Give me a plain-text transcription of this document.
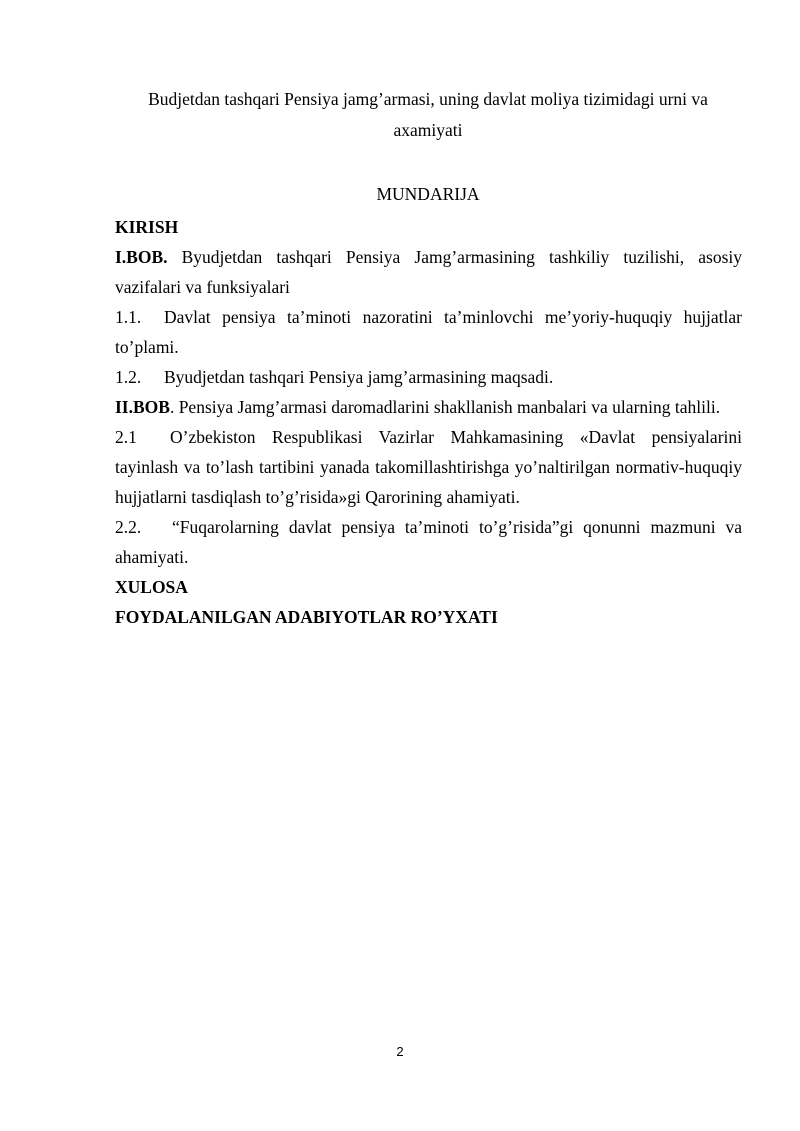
Budjetdan tashqari Pensiya jamg’armasi, uning davlat moliya tizimidagi urni va
axamiyati
MUNDARIJA

KIRISH

I.BOB. Byudjetdan tashqari Pensiya Jamg’armasining tashkiliy tuzilishi, asosiy vazifalari va funksiyalari

1.1. Davlat pensiya ta’minoti nazoratini ta’minlovchi me’yoriy-huquqiy hujjatlar to’plami.

1.2. Byudjetdan tashqari Pensiya jamg’armasining maqsadi.

II.BOB. Pensiya Jamg’armasi daromadlarini shakllanish manbalari va ularning tahlili.

2.1 O’zbekiston Respublikasi Vazirlar Mahkamasining «Davlat pensiyalarini tayinlash va to’lash tartibini yanada takomillashtirishga yo’naltirilgan normativ-huquqiy hujjatlarni tasdiqlash to’g’risida»gi Qarorining ahamiyati.

2.2. “Fuqarolarning davlat pensiya ta’minoti to’g’risida”gi qonunni mazmuni va ahamiyati.

XULOSA

FOYDALANILGAN ADABIYOTLAR RO’YXATI

2
